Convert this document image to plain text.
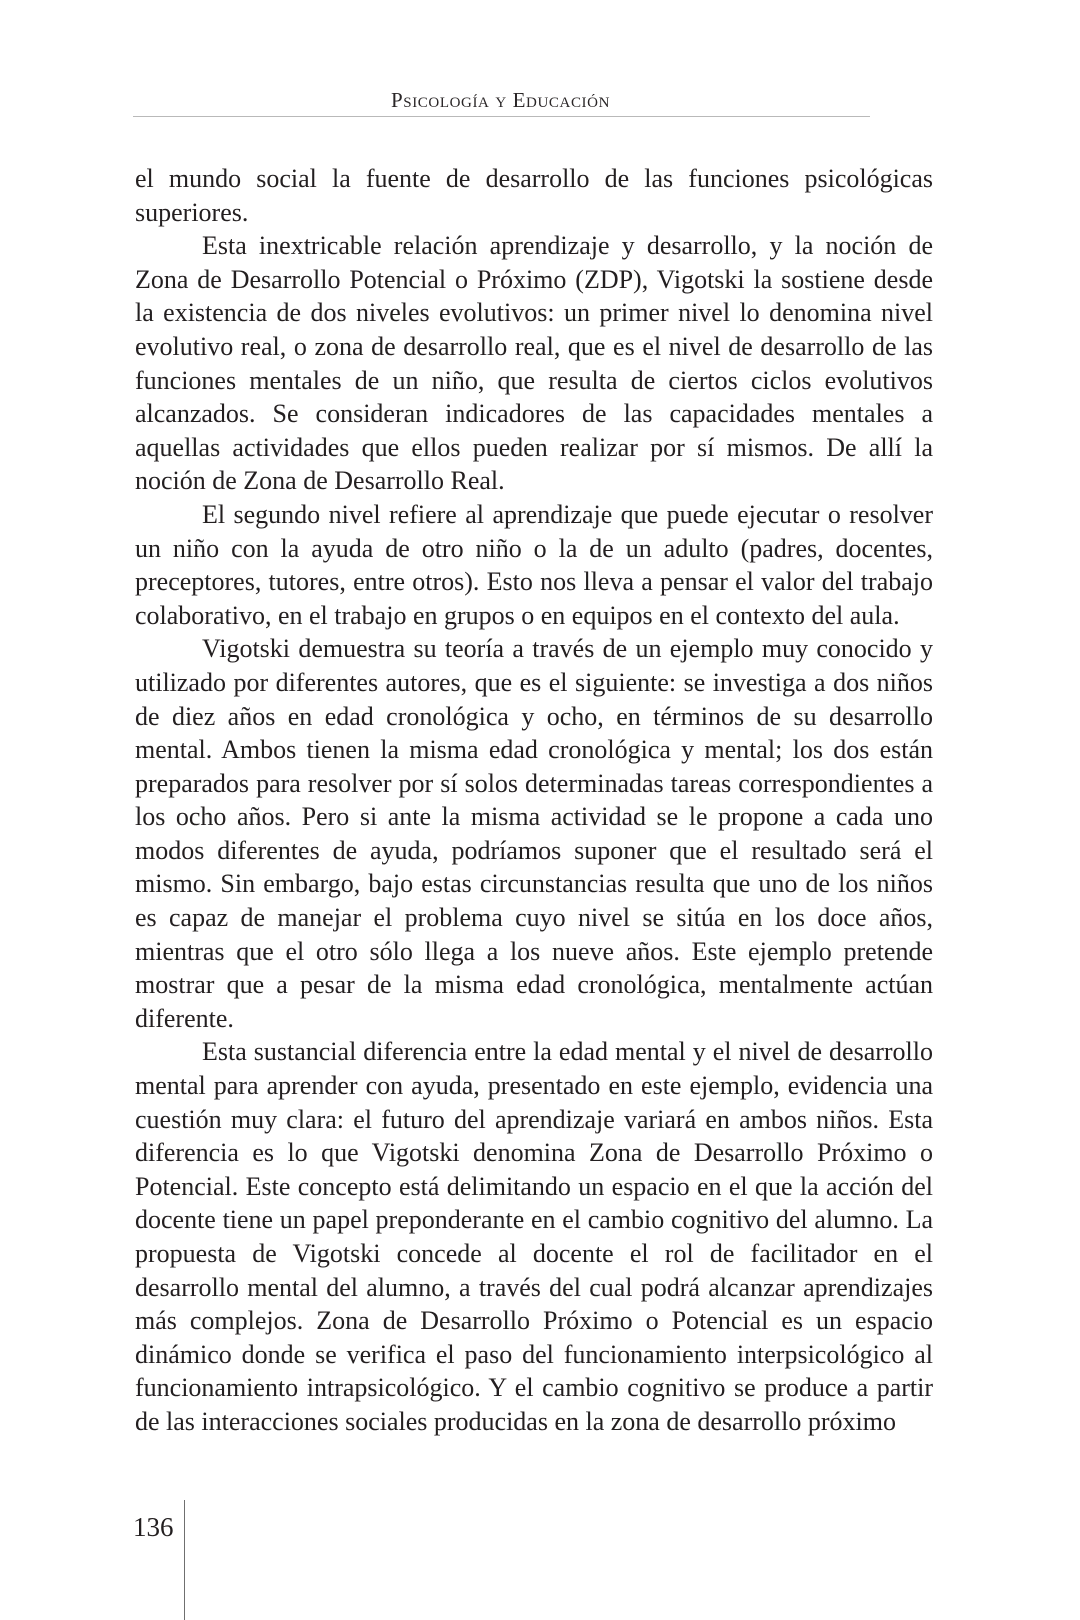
Psicología y Educación

el mundo social la fuente de desarrollo de las funciones psicológicas superiores.

Esta inextricable relación aprendizaje y desarrollo, y la noción de Zona de Desarrollo Potencial o Próximo (ZDP), Vigotski la sostiene desde la existencia de dos niveles evolutivos: un primer nivel lo denomina nivel evolutivo real, o zona de desarrollo real, que es el nivel de desarrollo de las funciones mentales de un niño, que resulta de ciertos ciclos evolutivos alcanzados. Se consideran indicadores de las capacidades mentales a aquellas actividades que ellos pueden realizar por sí mismos. De allí la noción de Zona de Desarrollo Real.

El segundo nivel refiere al aprendizaje que puede ejecutar o resolver un niño con la ayuda de otro niño o la de un adulto (padres, docentes, preceptores, tutores, entre otros). Esto nos lleva a pensar el valor del trabajo colaborativo, en el trabajo en grupos o en equipos en el contexto del aula.

Vigotski demuestra su teoría a través de un ejemplo muy conocido y utilizado por diferentes autores, que es el siguiente: se investiga a dos niños de diez años en edad cronológica y ocho, en términos de su desarrollo mental. Ambos tienen la misma edad cronológica y mental; los dos están preparados para resolver por sí solos determinadas tareas correspondientes a los ocho años. Pero si ante la misma actividad se le propone a cada uno modos diferentes de ayuda, podríamos suponer que el resultado será el mismo. Sin embargo, bajo estas circunstancias resulta que uno de los niños es capaz de manejar el problema cuyo nivel se sitúa en los doce años, mientras que el otro sólo llega a los nueve años. Este ejemplo pretende mostrar que a pesar de la misma edad cronológica, mentalmente actúan diferente.

Esta sustancial diferencia entre la edad mental y el nivel de desarrollo mental para aprender con ayuda, presentado en este ejemplo, evidencia una cuestión muy clara: el futuro del aprendizaje variará en ambos niños. Esta diferencia es lo que Vigotski denomina Zona de Desarrollo Próximo o Potencial. Este concepto está delimitando un espacio en el que la acción del docente tiene un papel preponderante en el cambio cognitivo del alumno. La propuesta de Vigotski concede al docente el rol de facilitador en el desarrollo mental del alumno, a través del cual podrá alcanzar aprendizajes más complejos. Zona de Desarrollo Próximo o Potencial es un espacio dinámico donde se verifica el paso del funcionamiento interpsicológico al funcionamiento intrapsicológico. Y el cambio cognitivo se produce a partir de las interacciones sociales producidas en la zona de desarrollo próximo

136
